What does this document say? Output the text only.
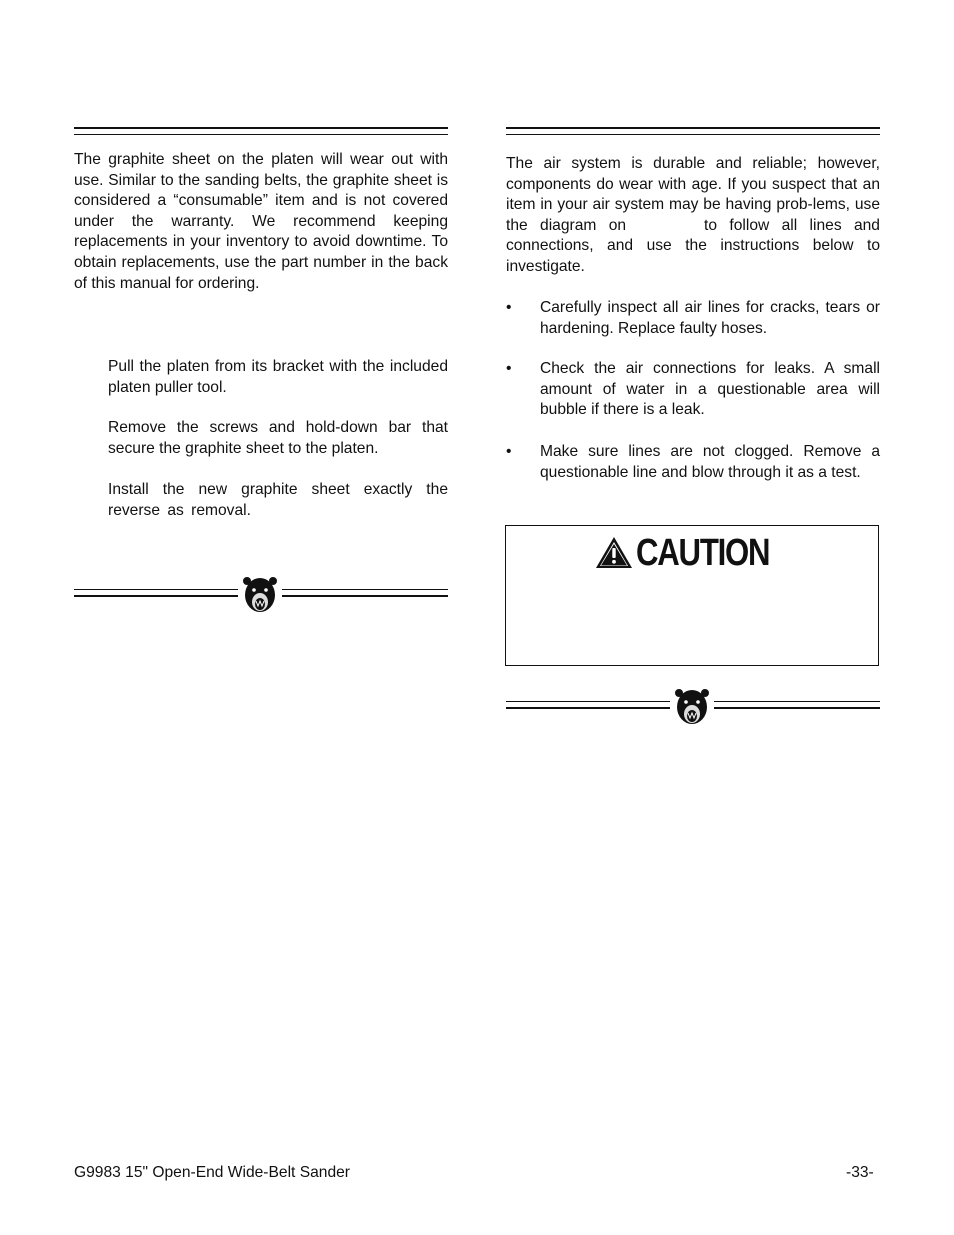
The graphite sheet on the platen will wear out with use. Similar to the sanding belts, the graphite sheet is considered a “consumable” item and is not covered under the warranty. We recommend keeping replacements in your inventory to avoid downtime. To obtain replacements, use the part number in the back of this manual for ordering.

Pull the platen from its bracket with the included platen puller tool.

Remove the screws and hold-down bar that secure the graphite sheet to the platen.

Install the new graphite sheet exactly the reverse as removal.

The air system is durable and reliable; however, components do wear with age. If you suspect that an item in your air system may be having prob-lems, use the diagram on	to follow all lines and connections, and use the instructions below to investigate.

• Carefully inspect all air lines for cracks, tears or hardening. Replace faulty hoses.
• Check the air connections for leaks. A small amount of water in a questionable area will bubble if there is a leak.
• Make sure lines are not clogged. Remove a questionable line and blow through it as a test.
CAUTION
G9983 15" Open-End Wide-Belt Sander	-33-
